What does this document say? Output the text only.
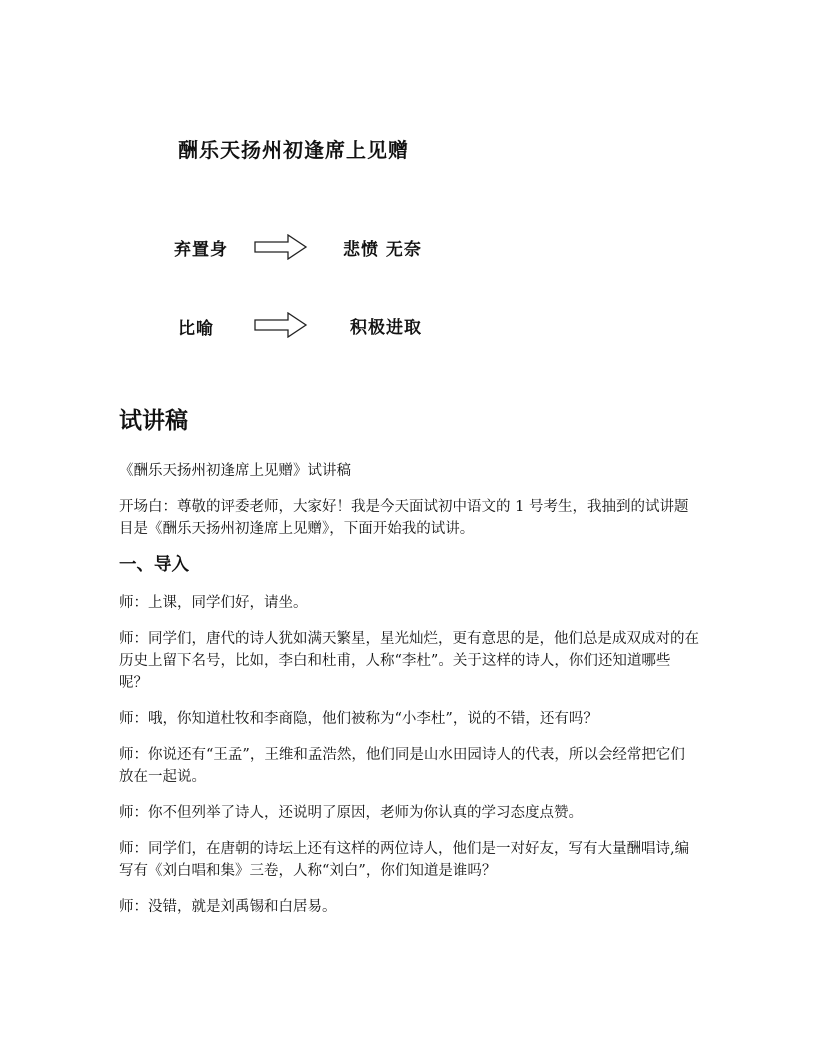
酬乐天扬州初逢席上见赠
弃置身	悲愤 无奈
比喻	积极进取
试讲稿

《酬乐天扬州初逢席上见赠》试讲稿

开场白：尊敬的评委老师，大家好！我是今天面试初中语文的 1 号考生，我抽到的试讲题目是《酬乐天扬州初逢席上见赠》，下面开始我的试讲。

一、导入

师：上课，同学们好，请坐。

师：同学们，唐代的诗人犹如满天繁星，星光灿烂，更有意思的是，他们总是成双成对的在历史上留下名号，比如，李白和杜甫，人称“李杜”。关于这样的诗人，你们还知道哪些呢？

师：哦，你知道杜牧和李商隐，他们被称为“小李杜”，说的不错，还有吗？

师：你说还有“王孟”，王维和孟浩然，他们同是山水田园诗人的代表，所以会经常把它们放在一起说。

师：你不但列举了诗人，还说明了原因，老师为你认真的学习态度点赞。

师：同学们，在唐朝的诗坛上还有这样的两位诗人，他们是一对好友，写有大量酬唱诗,编写有《刘白唱和集》三卷，人称“刘白”，你们知道是谁吗？

师：没错，就是刘禹锡和白居易。
